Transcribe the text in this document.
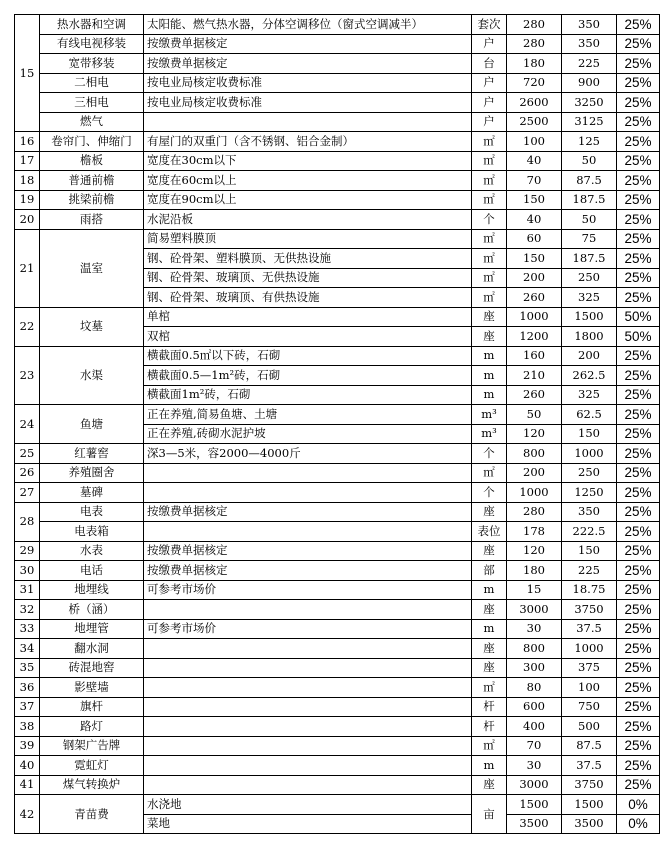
15	热水器和空调	太阳能、燃气热水器，分体空调移位（窗式空调减半）	套次	280	350	25%
	有线电视移装	按缴费单据核定	户	280	350	25%
	宽带移装	按缴费单据核定	台	180	225	25%
	二相电	按电业局核定收费标准	户	720	900	25%
	三相电	按电业局核定收费标准	户	2600	3250	25%
	燃气		户	2500	3125	25%
16	卷帘门、伸缩门	有屋门的双重门（含不锈钢、铝合金制）	㎡	100	125	25%
17	檐板	宽度在30cm以下	㎡	40	50	25%
18	普通前檐	宽度在60cm以上	㎡	70	87.5	25%
19	挑梁前檐	宽度在90cm以上	㎡	150	187.5	25%
20	雨搭	水泥沿板	个	40	50	25%
21	温室	简易塑料膜顶	㎡	60	75	25%
		钢、砼骨架、塑料膜顶、无供热设施	㎡	150	187.5	25%
		钢、砼骨架、玻璃顶、无供热设施	㎡	200	250	25%
		钢、砼骨架、玻璃顶、有供热设施	㎡	260	325	25%
22	坟墓	单棺	座	1000	1500	50%
		双棺	座	1200	1800	50%
23	水渠	横截面0.5㎡以下砖，石砌	m	160	200	25%
		横截面0.5—1m²砖，石砌	m	210	262.5	25%
		横截面1m²砖，石砌	m	260	325	25%
24	鱼塘	正在养殖,简易鱼塘、土塘	m³	50	62.5	25%
		正在养殖,砖砌水泥护坡	m³	120	150	25%
25	红薯窖	深3—5米，容2000—4000斤	个	800	1000	25%
26	养殖圈舍		㎡	200	250	25%
27	墓碑		个	1000	1250	25%
28	电表	按缴费单据核定	座	280	350	25%
	电表箱		表位	178	222.5	25%
29	水表	按缴费单据核定	座	120	150	25%
30	电话	按缴费单据核定	部	180	225	25%
31	地埋线	可参考市场价	m	15	18.75	25%
32	桥（涵）		座	3000	3750	25%
33	地埋管	可参考市场价	m	30	37.5	25%
34	翻水洞		座	800	1000	25%
35	砖混地窖		座	300	375	25%
36	影壁墙		㎡	80	100	25%
37	旗杆		杆	600	750	25%
38	路灯		杆	400	500	25%
39	钢架广告牌		㎡	70	87.5	25%
40	霓虹灯		m	30	37.5	25%
41	煤气转换炉		座	3000	3750	25%
42	青苗费	水浇地	亩	1500	1500	0%
		菜地		3500	3500	0%
